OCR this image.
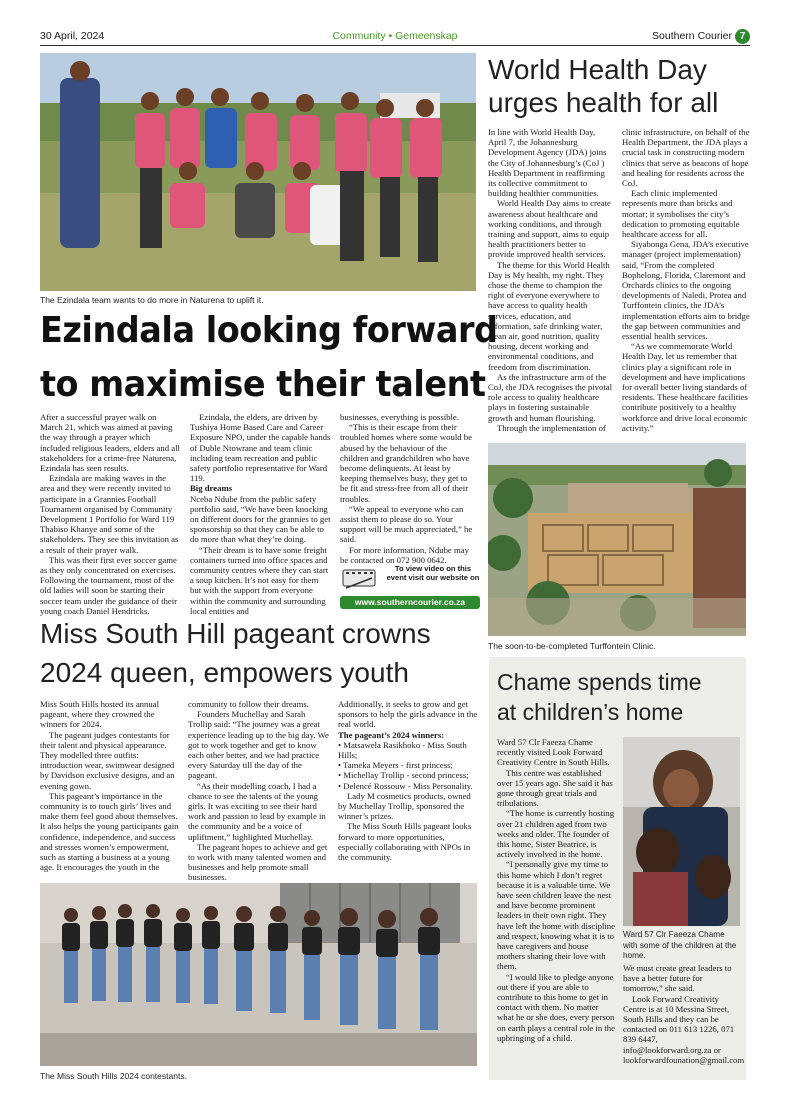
30 April, 2024	Community • Gemeenskap	Southern Courier 7
The Ezindala team wants to do more in Naturena to uplift it.
Ezindala looking forward
to maximise their talent

After a successful prayer walk on March 21, which was aimed at paving the way through a prayer which included religious leaders, elders and all stakeholders for a crime-free Naturena, Ezindala has seen results.

Ezindala are making waves in the area and they were recently invited to participate in a Grannies Football Tournament organised by Community Development 1 Portfolio for Ward 119 Thabiso Khanye and some of the stakeholders. They see this invitation as a result of their prayer walk.

This was their first ever soccer game as they only concentrated on exercises. Following the tournament, most of the old ladies will soon be starting their soccer team under the guidance of their young coach Daniel Hendricks.

Ezindala, the elders, are driven by Tushiya Home Based Care and Career Exposure NPO, under the capable hands of Duble Ntowrane and team clinic including team recreation and public safety portfolio representative for Ward 119.

Big dreams

Nceba Ndube from the public safety portfolio said, “We have been knocking on different doors for the grannies to get sponsorship so that they can be able to do more than what they’re doing.

“Their dream is to have some freight containers turned into office spaces and community centres where they can start a soup kitchen. It’s not easy for them but with the support from everyone within the community and surrounding local entities and

businesses, everything is possible.

“This is their escape from their troubled homes where some would be abused by the behaviour of the children and grandchildren who have become delinquents. At least by keeping themselves busy, they get to be fit and stress-free from all of their troubles.

“We appeal to everyone who can assist them to please do so. Your support will be much appreciated,” he said.

For more information, Ndube may be contacted on 072 900 0642.

To view video on this event visit our website on
www.southerncourier.co.za
World Health Day
urges health for all

In line with World Health Day, April 7, the Johannesburg Development Agency (JDA) joins the City of Johannesburg’s (CoJ ) Health Department in reaffirming its collective commitment to building healthier communities.

World Health Day aims to create awareness about healthcare and working conditions, and through training and support, aims to equip health practitioners better to provide improved health services.

The theme for this World Health Day is My health, my right. They chose the theme to champion the right of everyone everywhere to have access to quality health services, education, and information, safe drinking water, clean air, good nutrition, quality housing, decent working and environmental conditions, and freedom from discrimination.

As the infrastructure arm of the CoJ, the JDA recognises the pivotal role access to quality healthcare plays in fostering sustainable growth and human flourishing.

Through the implementation of

clinic infrastructure, on behalf of the Health Department, the JDA plays a crucial task in constructing modern clinics that serve as beacons of hope and healing for residents across the CoJ.

Each clinic implemented represents more than bricks and mortar; it symbolises the city’s dedication to promoting equitable healthcare access for all.

Siyabonga Gena, JDA’s executive manager (project implementation) said, “From the completed Bophelong, Florida, Claremont and Orchards clinics to the ongoing developments of Naledi, Protea and Turffontein clinics, the JDA’s implementation efforts aim to bridge the gap between communities and essential health services.

“As we commemorate World Health Day, let us remember that clinics play a significant role in development and have implications for overall better living standards of residents. These healthcare facilities contribute positively to a healthy workforce and drive local economic activity.”

The soon-to-be-completed Turffontein Clinic.
Miss South Hill pageant crowns
2024 queen, empowers youth

Miss South Hills hosted its annual pageant, where they crowned the winners for 2024.

The pageant judges contestants for their talent and physical appearance. They modelled three outfits: introduction wear, swimwear designed by Davidson exclusive designs, and an evening gown.

This pageant’s importance in the community is to touch girls’ lives and make them feel good about themselves. It also helps the young participants gain confidence, independence, and success and stresses women’s empowerment, such as starting a business at a young age. It encourages the youth in the

community to follow their dreams.

Founders Muchellay and Sarah Trollip said: “The journey was a great experience leading up to the big day. We got to work together and get to know each other better, and we had practice every Saturday till the day of the pageant.

“As their modelling coach, I had a chance to see the talents of the young girls. It was exciting to see their hard work and passion to lead by example in the community and be a voice of upliftment,” highlighted Muchellay.

The pageant hopes to achieve and get to work with many talented women and businesses and help promote small businesses.

Additionally, it seeks to grow and get sponsors to help the girls advance in the real world.

The pageant’s 2024 winners:

• Matsawela Rasikhoko - Miss South Hills;

• Tameka Meyers - first princess;

• Michellay Trollip - second princess;

• Delencé Rossouw - Miss Personality.

Lady M cosmetics products, owned by Muchellay Trollip, sponsored the winner’s prizes.

The Miss South Hills pageant looks forward to more opportunities, especially collaborating with NPOs in the community.

The Miss South Hills 2024 contestants.
Chame spends time
at children’s home

Ward 57 Clr Faeeza Chame recently visited Look Forward Creativity Centre in South Hills.

This centre was established over 15 years ago. She said it has gone through great trials and tribulations.

“The home is currently hosting over 21 children aged from two weeks and older. The founder of this home, Sister Beatrice, is actively involved in the home.

“I personally give my time to this home which I don’t regret because it is a valuable time. We have seen children leave the nest and have become prominent leaders in their own right. They have left the home with discipline and respect, knowing what it is to have caregivers and house mothers sharing their love with them.

“I would like to pledge anyone out there if you are able to contribute to this home to get in contact with them. No matter what he or she does, every person on earth plays a central role in the upbringing of a child.

Ward 57 Clr Faeeza Chame with some of the children at the home.

We must create great leaders to have a better future for tomorrow,” she said.

Look Forward Creativity Centre is at 10 Messina Street, South Hills and they can be contacted on 011 613 1226, 071 839 6447, info@lookforward.org.za or lookforwardfounation@gmail.com
